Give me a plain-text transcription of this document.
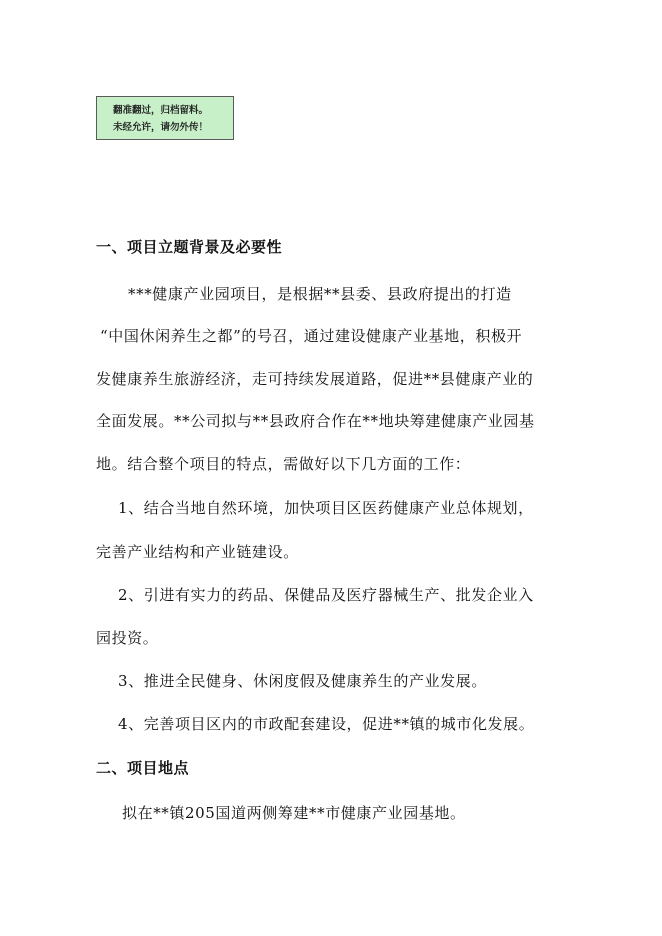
翻准翻过，归档留料。
未经允许，请勿外传！
一、项目立题背景及必要性
***健康产业园项目，是根据**县委、县政府提出的打造
“中国休闲养生之都”的号召，通过建设健康产业基地，积极开
发健康养生旅游经济，走可持续发展道路，促进**县健康产业的
全面发展。**公司拟与**县政府合作在**地块筹建健康产业园基
地。结合整个项目的特点，需做好以下几方面的工作：
1、结合当地自然环境，加快项目区医药健康产业总体规划，
完善产业结构和产业链建设。
2、引进有实力的药品、保健品及医疗器械生产、批发企业入
园投资。
3、推进全民健身、休闲度假及健康养生的产业发展。
4、完善项目区内的市政配套建设，促进**镇的城市化发展。
二、项目地点
拟在**镇205国道两侧筹建**市健康产业园基地。
